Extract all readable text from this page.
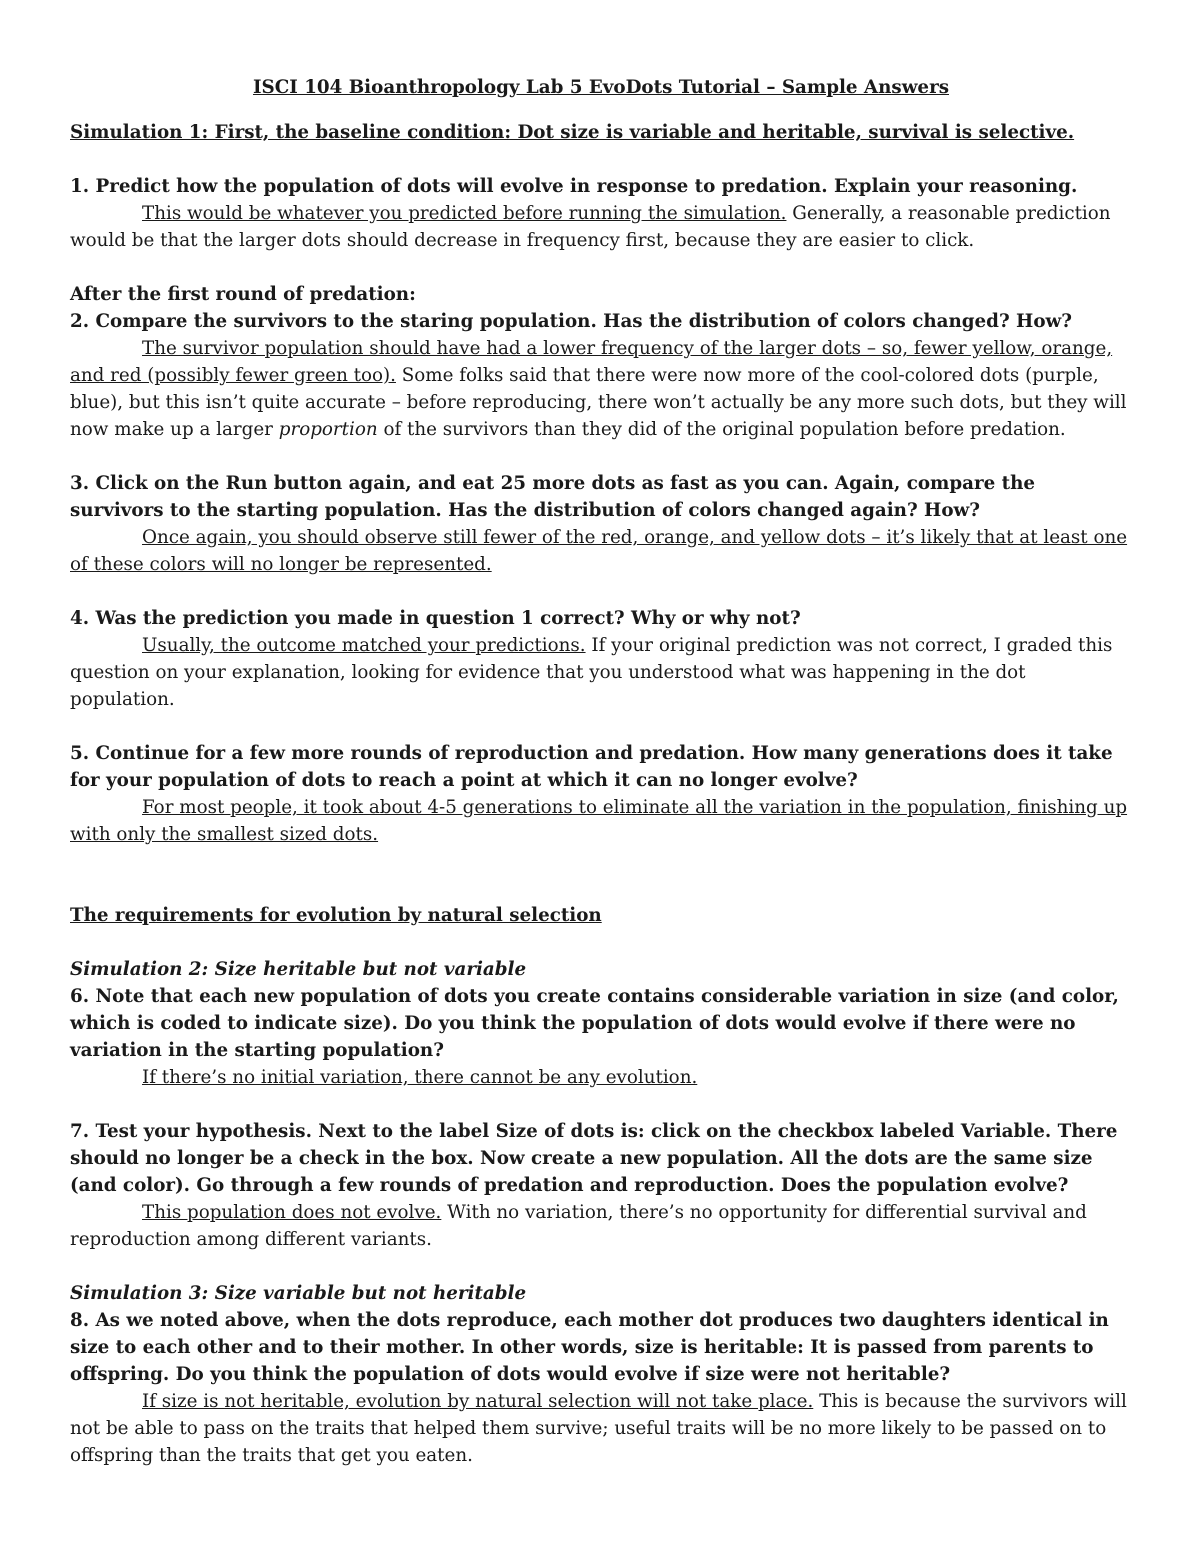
ISCI 104 Bioanthropology Lab 5 EvoDots Tutorial – Sample Answers

Simulation 1: First, the baseline condition: Dot size is variable and heritable, survival is selective.

1. Predict how the population of dots will evolve in response to predation. Explain your reasoning.

This would be whatever you predicted before running the simulation. Generally, a reasonable prediction would be that the larger dots should decrease in frequency first, because they are easier to click.

After the first round of predation:

2. Compare the survivors to the staring population. Has the distribution of colors changed? How?

The survivor population should have had a lower frequency of the larger dots – so, fewer yellow, orange, and red (possibly fewer green too). Some folks said that there were now more of the cool-colored dots (purple, blue), but this isn’t quite accurate – before reproducing, there won’t actually be any more such dots, but they will now make up a larger proportion of the survivors than they did of the original population before predation.

3. Click on the Run button again, and eat 25 more dots as fast as you can. Again, compare the survivors to the starting population. Has the distribution of colors changed again? How?

Once again, you should observe still fewer of the red, orange, and yellow dots – it’s likely that at least one of these colors will no longer be represented.

4. Was the prediction you made in question 1 correct? Why or why not?

Usually, the outcome matched your predictions. If your original prediction was not correct, I graded this question on your explanation, looking for evidence that you understood what was happening in the dot population.

5. Continue for a few more rounds of reproduction and predation. How many generations does it take for your population of dots to reach a point at which it can no longer evolve?

For most people, it took about 4-5 generations to eliminate all the variation in the population, finishing up with only the smallest sized dots.

The requirements for evolution by natural selection

Simulation 2: Size heritable but not variable

6. Note that each new population of dots you create contains considerable variation in size (and color, which is coded to indicate size). Do you think the population of dots would evolve if there were no variation in the starting population?

If there’s no initial variation, there cannot be any evolution.

7. Test your hypothesis. Next to the label Size of dots is: click on the checkbox labeled Variable. There should no longer be a check in the box. Now create a new population. All the dots are the same size (and color). Go through a few rounds of predation and reproduction. Does the population evolve?

This population does not evolve. With no variation, there’s no opportunity for differential survival and reproduction among different variants.

Simulation 3: Size variable but not heritable

8. As we noted above, when the dots reproduce, each mother dot produces two daughters identical in size to each other and to their mother. In other words, size is heritable: It is passed from parents to offspring. Do you think the population of dots would evolve if size were not heritable?

If size is not heritable, evolution by natural selection will not take place. This is because the survivors will not be able to pass on the traits that helped them survive; useful traits will be no more likely to be passed on to offspring than the traits that get you eaten.
